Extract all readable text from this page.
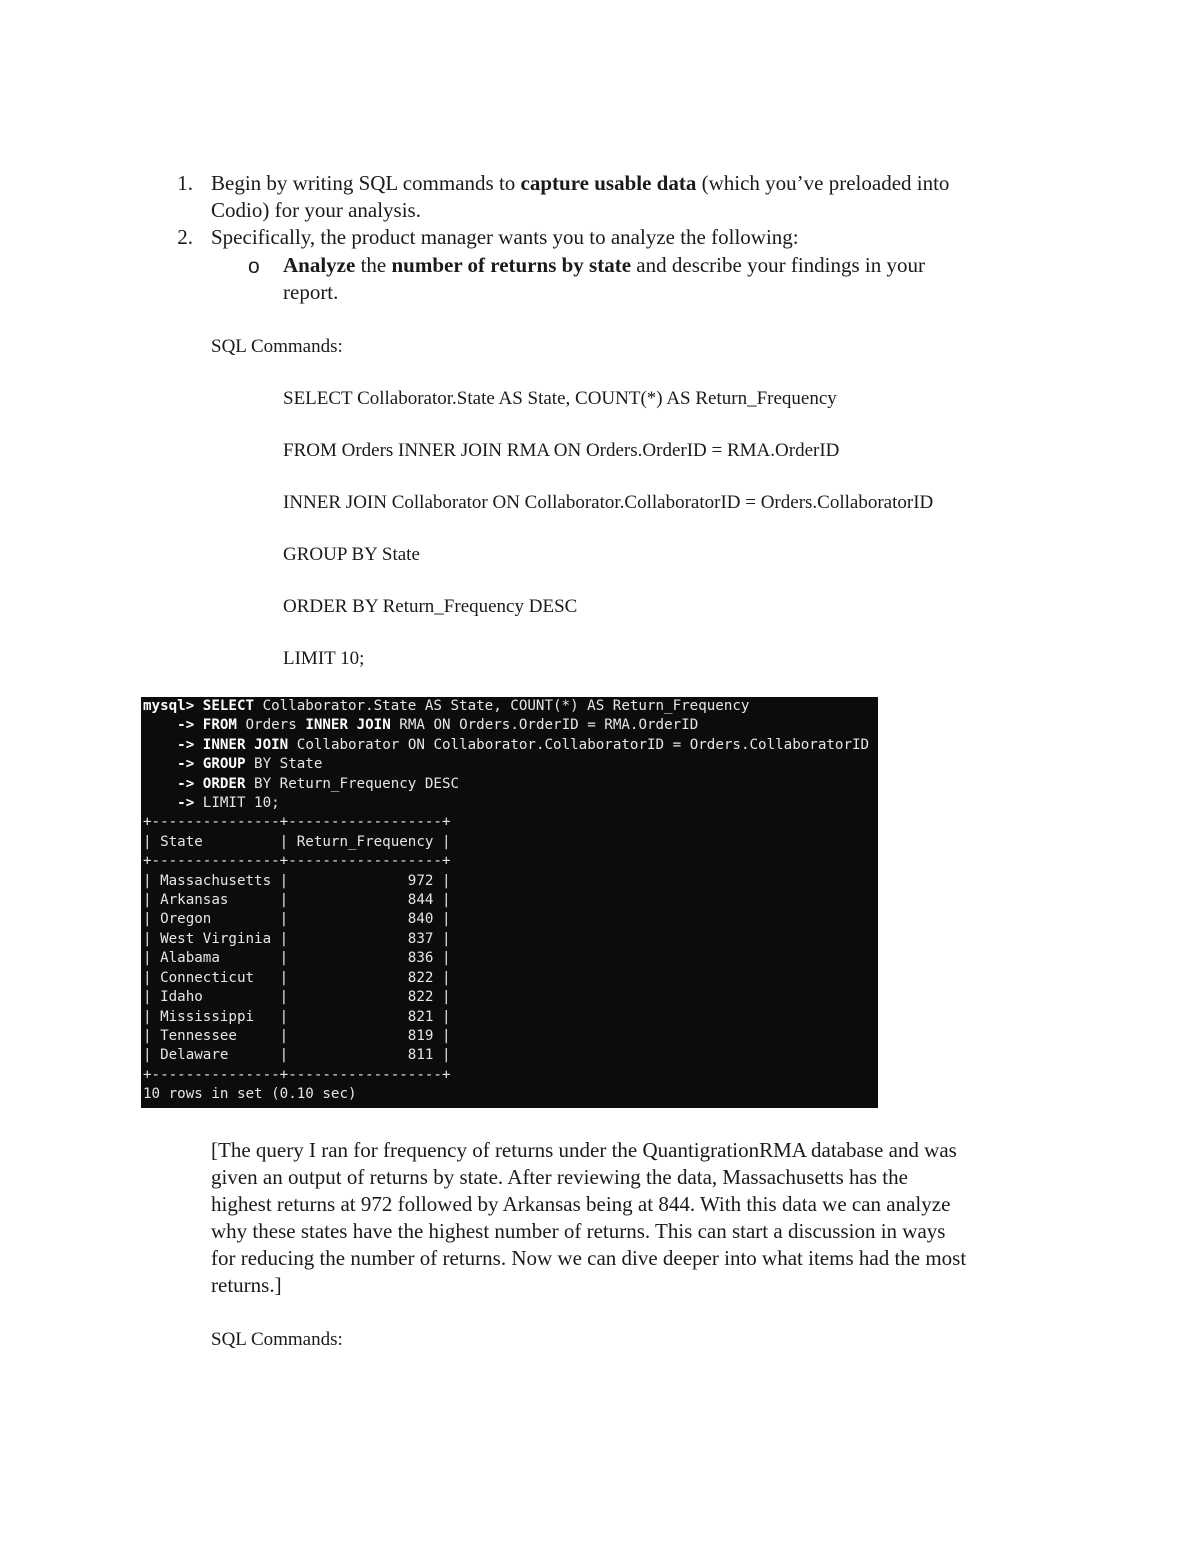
1. Begin by writing SQL commands to capture usable data (which you’ve preloaded into
Codio) for your analysis.
2. Specifically, the product manager wants you to analyze the following:
o Analyze the number of returns by state and describe your findings in your
report.
SQL Commands:
SELECT Collaborator.State AS State, COUNT(*) AS Return_Frequency
FROM Orders INNER JOIN RMA ON Orders.OrderID = RMA.OrderID
INNER JOIN Collaborator ON Collaborator.CollaboratorID = Orders.CollaboratorID
GROUP BY State
ORDER BY Return_Frequency DESC
LIMIT 10;
mysql> SELECT Collaborator.State AS State, COUNT(*) AS Return_Frequency
-> FROM Orders INNER JOIN RMA ON Orders.OrderID = RMA.OrderID
-> INNER JOIN Collaborator ON Collaborator.CollaboratorID = Orders.CollaboratorID
-> GROUP BY State
-> ORDER BY Return_Frequency DESC
-> LIMIT 10;
+---------------+------------------+
| State         | Return_Frequency |
+---------------+------------------+
| Massachusetts |              972 |
| Arkansas      |              844 |
| Oregon        |              840 |
| West Virginia |              837 |
| Alabama       |              836 |
| Connecticut   |              822 |
| Idaho         |              822 |
| Mississippi   |              821 |
| Tennessee     |              819 |
| Delaware      |              811 |
+---------------+------------------+
10 rows in set (0.10 sec)
[The query I ran for frequency of returns under the QuantigrationRMA database and was
given an output of returns by state. After reviewing the data, Massachusetts has the
highest returns at 972 followed by Arkansas being at 844. With this data we can analyze
why these states have the highest number of returns. This can start a discussion in ways
for reducing the number of returns. Now we can dive deeper into what items had the most
returns.]
SQL Commands:
